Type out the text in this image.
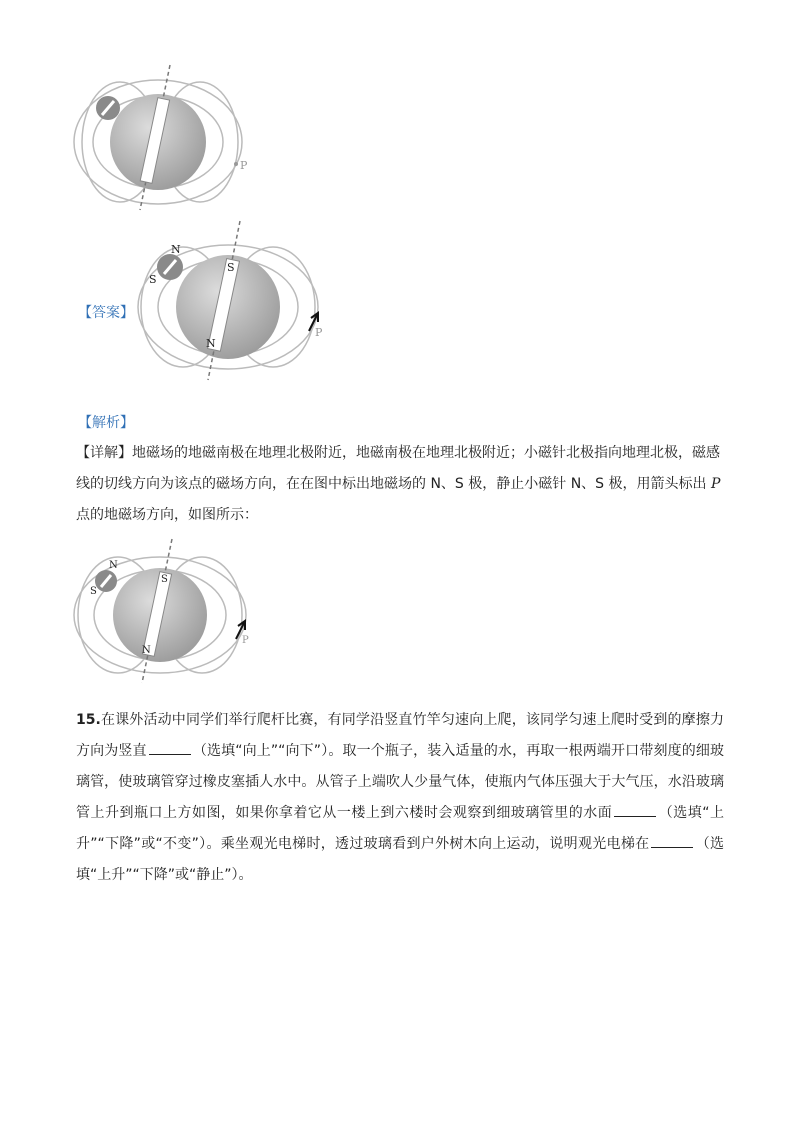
P
【答案】
N
S
S
N
P
【解析】
【详解】地磁场的地磁南极在地理北极附近，地磁南极在地理北极附近；小磁针北极指向地理北极，磁感
线的切线方向为该点的磁场方向，在在图中标出地磁场的 N、S 极，静止小磁针 N、S 极，用箭头标出 P
点的地磁场方向，如图所示：
N
S
S
N
P
15.在课外活动中同学们举行爬杆比赛，有同学沿竖直竹竿匀速向上爬，该同学匀速上爬时受到的摩擦力方向为竖直	（选填“向上”“向下”）。取一个瓶子，装入适量的水，再取一根两端开口带刻度的细玻璃管，使玻璃管穿过橡皮塞插人水中。从管子上端吹人少量气体，使瓶内气体压强大于大气压，水沿玻璃管上升到瓶口上方如图，如果你拿着它从一楼上到六楼时会观察到细玻璃管里的水面	（选填“上升”“下降”或“不变”）。乘坐观光电梯时，透过玻璃看到户外树木向上运动，说明观光电梯在	（选填“上升”“下降”或“静止”）。
